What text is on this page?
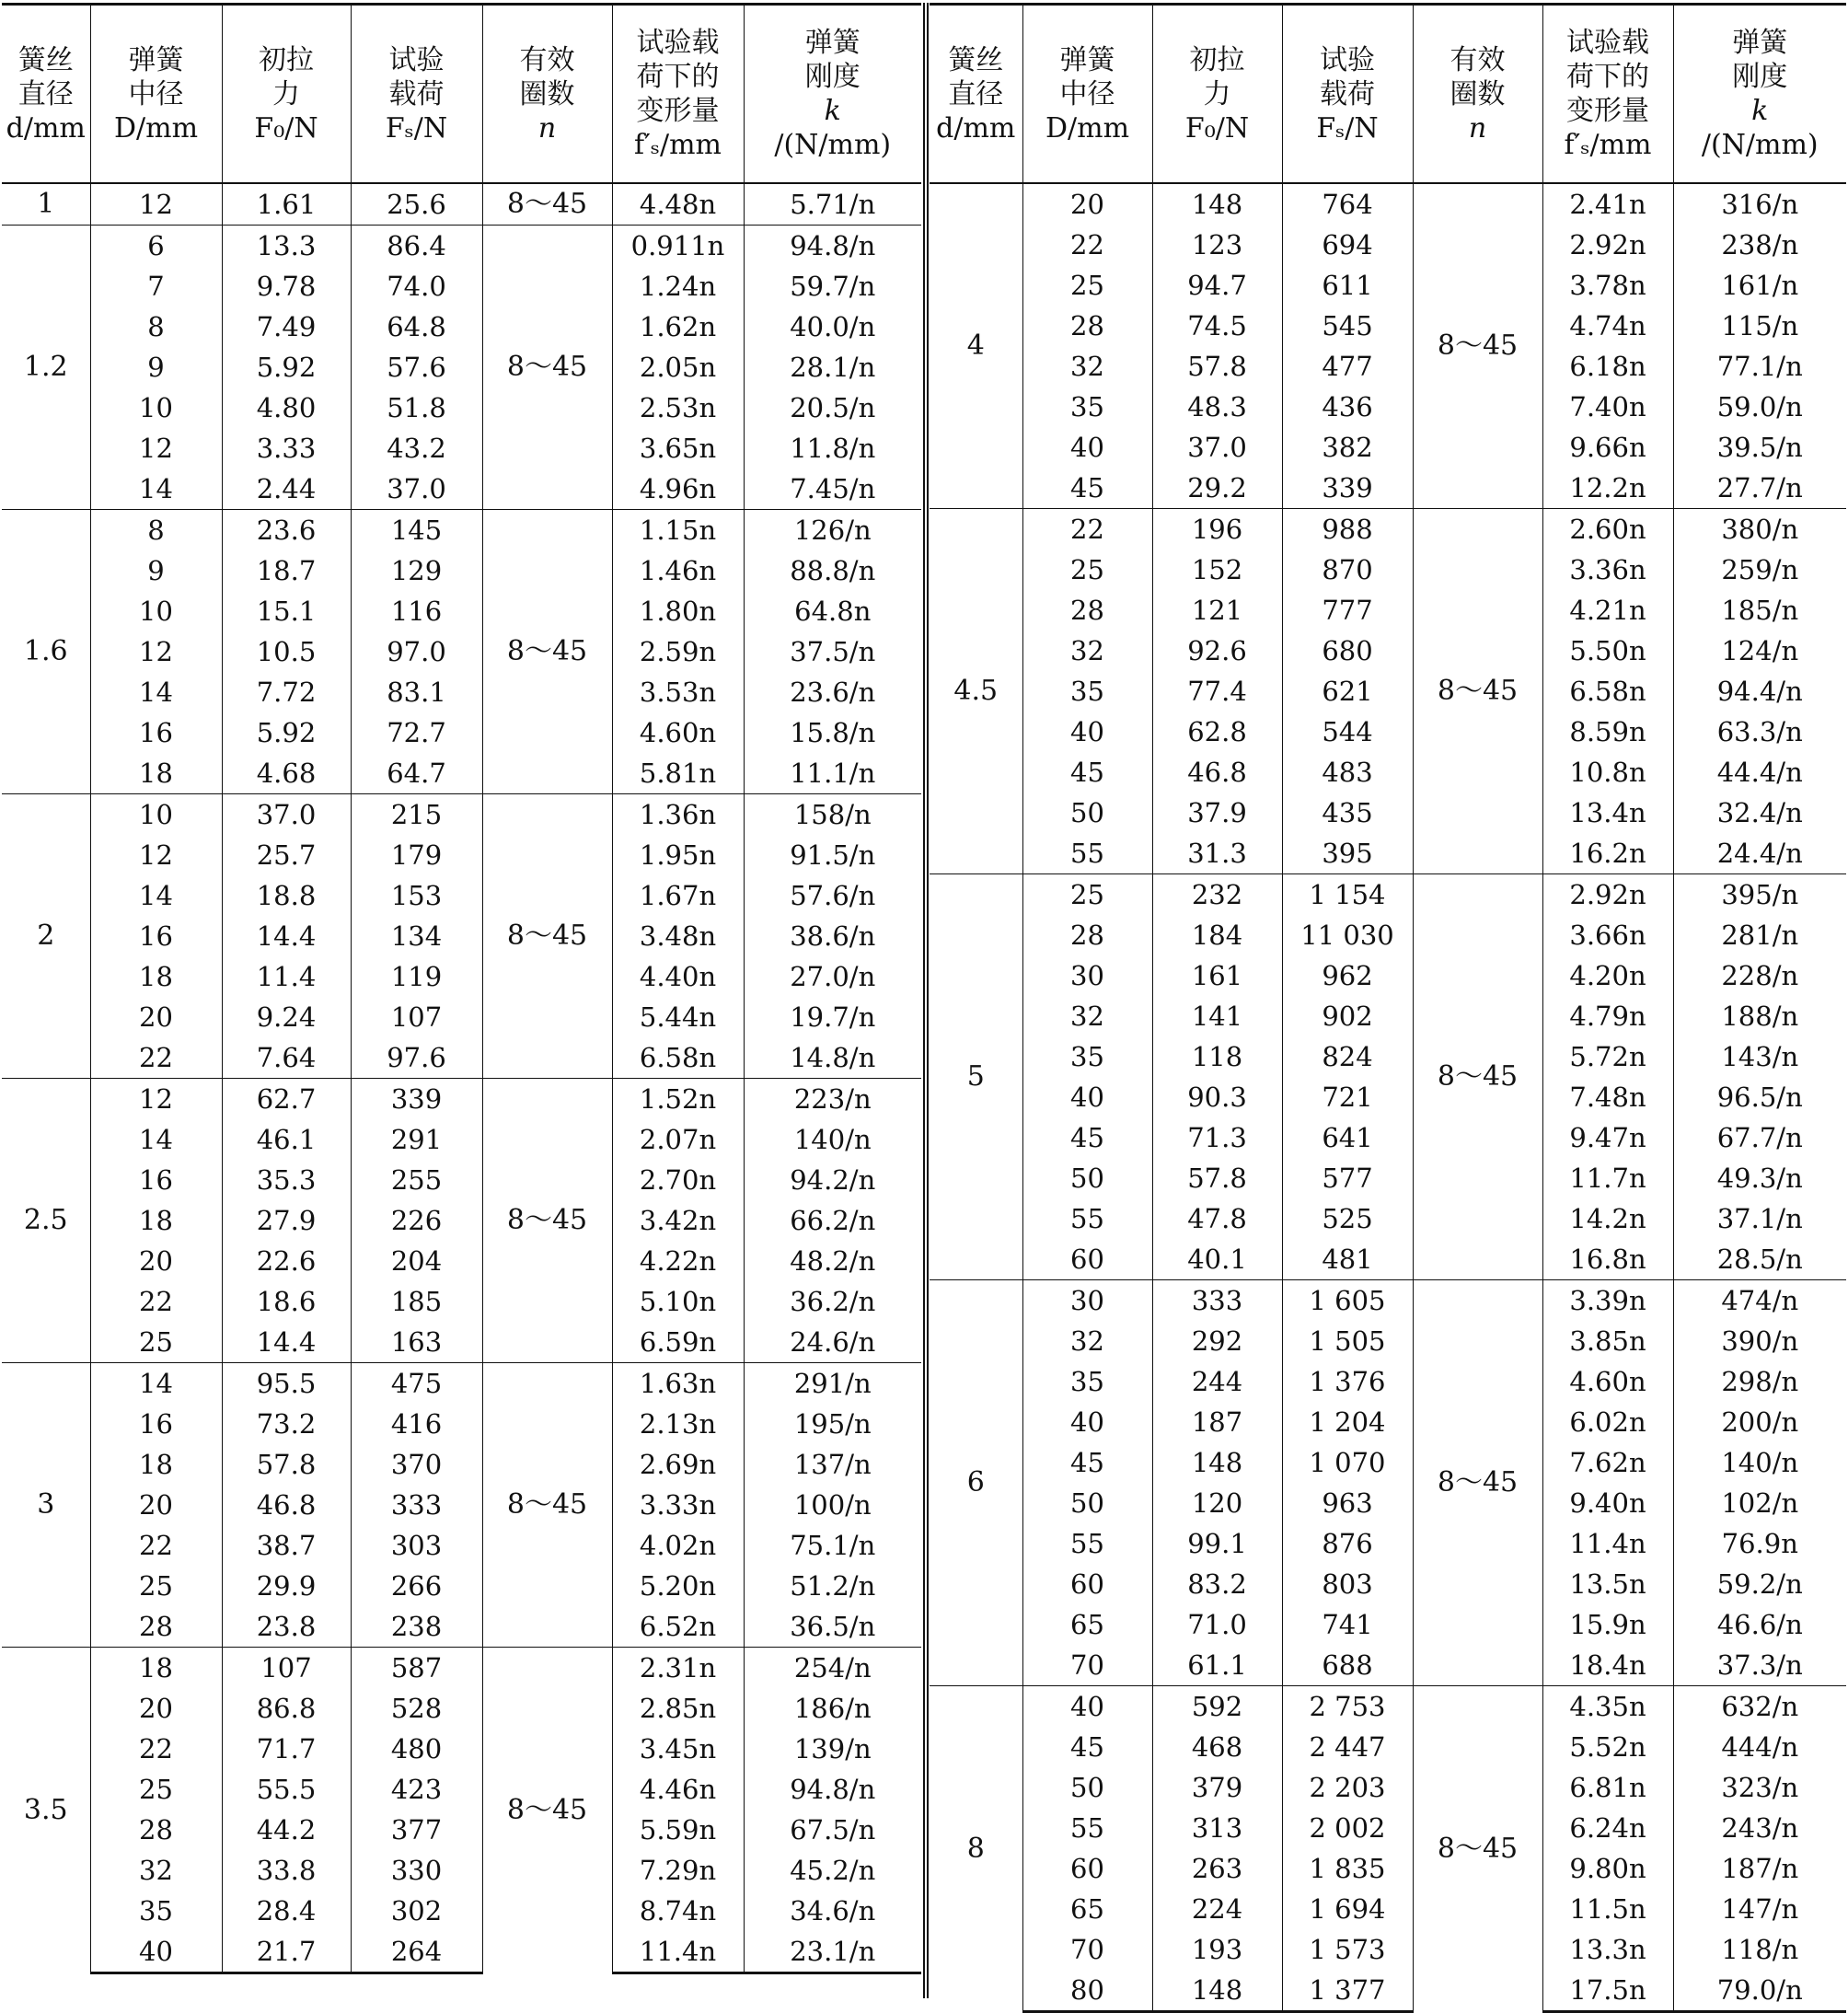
簧丝
直径
d/mm	弹簧
中径
D/mm	初拉
力
F₀/N	试验
载荷
Fₛ/N	有效
圈数
n	试验载
荷下的
变形量
f′ₛ/mm	弹簧
刚度
k
/(N/mm)

1	12	1.61	25.6	8～45	4.48n	5.71/n
1.2	6	13.3	86.4	8～45	0.911n	94.8/n
	7	9.78	74.0		1.24n	59.7/n
	8	7.49	64.8		1.62n	40.0/n
	9	5.92	57.6		2.05n	28.1/n
	10	4.80	51.8		2.53n	20.5/n
	12	3.33	43.2		3.65n	11.8/n
	14	2.44	37.0		4.96n	7.45/n
1.6	8	23.6	145	8～45	1.15n	126/n
	9	18.7	129		1.46n	88.8/n
	10	15.1	116		1.80n	64.8n
	12	10.5	97.0		2.59n	37.5/n
	14	7.72	83.1		3.53n	23.6/n
	16	5.92	72.7		4.60n	15.8/n
	18	4.68	64.7		5.81n	11.1/n
2	10	37.0	215	8～45	1.36n	158/n
	12	25.7	179		1.95n	91.5/n
	14	18.8	153		1.67n	57.6/n
	16	14.4	134		3.48n	38.6/n
	18	11.4	119		4.40n	27.0/n
	20	9.24	107		5.44n	19.7/n
	22	7.64	97.6		6.58n	14.8/n
2.5	12	62.7	339	8～45	1.52n	223/n
	14	46.1	291		2.07n	140/n
	16	35.3	255		2.70n	94.2/n
	18	27.9	226		3.42n	66.2/n
	20	22.6	204		4.22n	48.2/n
	22	18.6	185		5.10n	36.2/n
	25	14.4	163		6.59n	24.6/n
3	14	95.5	475	8～45	1.63n	291/n
	16	73.2	416		2.13n	195/n
	18	57.8	370		2.69n	137/n
	20	46.8	333		3.33n	100/n
	22	38.7	303		4.02n	75.1/n
	25	29.9	266		5.20n	51.2/n
	28	23.8	238		6.52n	36.5/n
3.5	18	107	587	8～45	2.31n	254/n
	20	86.8	528		2.85n	186/n
	22	71.7	480		3.45n	139/n
	25	55.5	423		4.46n	94.8/n
	28	44.2	377		5.59n	67.5/n
	32	33.8	330		7.29n	45.2/n
	35	28.4	302		8.74n	34.6/n
	40	21.7	264		11.4n	23.1/n
簧丝
直径
d/mm	弹簧
中径
D/mm	初拉
力
F₀/N	试验
载荷
Fₛ/N	有效
圈数
n	试验载
荷下的
变形量
f′ₛ/mm	弹簧
刚度
k
/(N/mm)

4	20	148	764	8～45	2.41n	316/n
	22	123	694		2.92n	238/n
	25	94.7	611		3.78n	161/n
	28	74.5	545		4.74n	115/n
	32	57.8	477		6.18n	77.1/n
	35	48.3	436		7.40n	59.0/n
	40	37.0	382		9.66n	39.5/n
	45	29.2	339		12.2n	27.7/n
4.5	22	196	988	8～45	2.60n	380/n
	25	152	870		3.36n	259/n
	28	121	777		4.21n	185/n
	32	92.6	680		5.50n	124/n
	35	77.4	621		6.58n	94.4/n
	40	62.8	544		8.59n	63.3/n
	45	46.8	483		10.8n	44.4/n
	50	37.9	435		13.4n	32.4/n
	55	31.3	395		16.2n	24.4/n
5	25	232	1 154	8～45	2.92n	395/n
	28	184	11 030		3.66n	281/n
	30	161	962		4.20n	228/n
	32	141	902		4.79n	188/n
	35	118	824		5.72n	143/n
	40	90.3	721		7.48n	96.5/n
	45	71.3	641		9.47n	67.7/n
	50	57.8	577		11.7n	49.3/n
	55	47.8	525		14.2n	37.1/n
	60	40.1	481		16.8n	28.5/n
6	30	333	1 605	8～45	3.39n	474/n
	32	292	1 505		3.85n	390/n
	35	244	1 376		4.60n	298/n
	40	187	1 204		6.02n	200/n
	45	148	1 070		7.62n	140/n
	50	120	963		9.40n	102/n
	55	99.1	876		11.4n	76.9n
	60	83.2	803		13.5n	59.2/n
	65	71.0	741		15.9n	46.6/n
	70	61.1	688		18.4n	37.3/n
8	40	592	2 753	8～45	4.35n	632/n
	45	468	2 447		5.52n	444/n
	50	379	2 203		6.81n	323/n
	55	313	2 002		6.24n	243/n
	60	263	1 835		9.80n	187/n
	65	224	1 694		11.5n	147/n
	70	193	1 573		13.3n	118/n
	80	148	1 377		17.5n	79.0/n
